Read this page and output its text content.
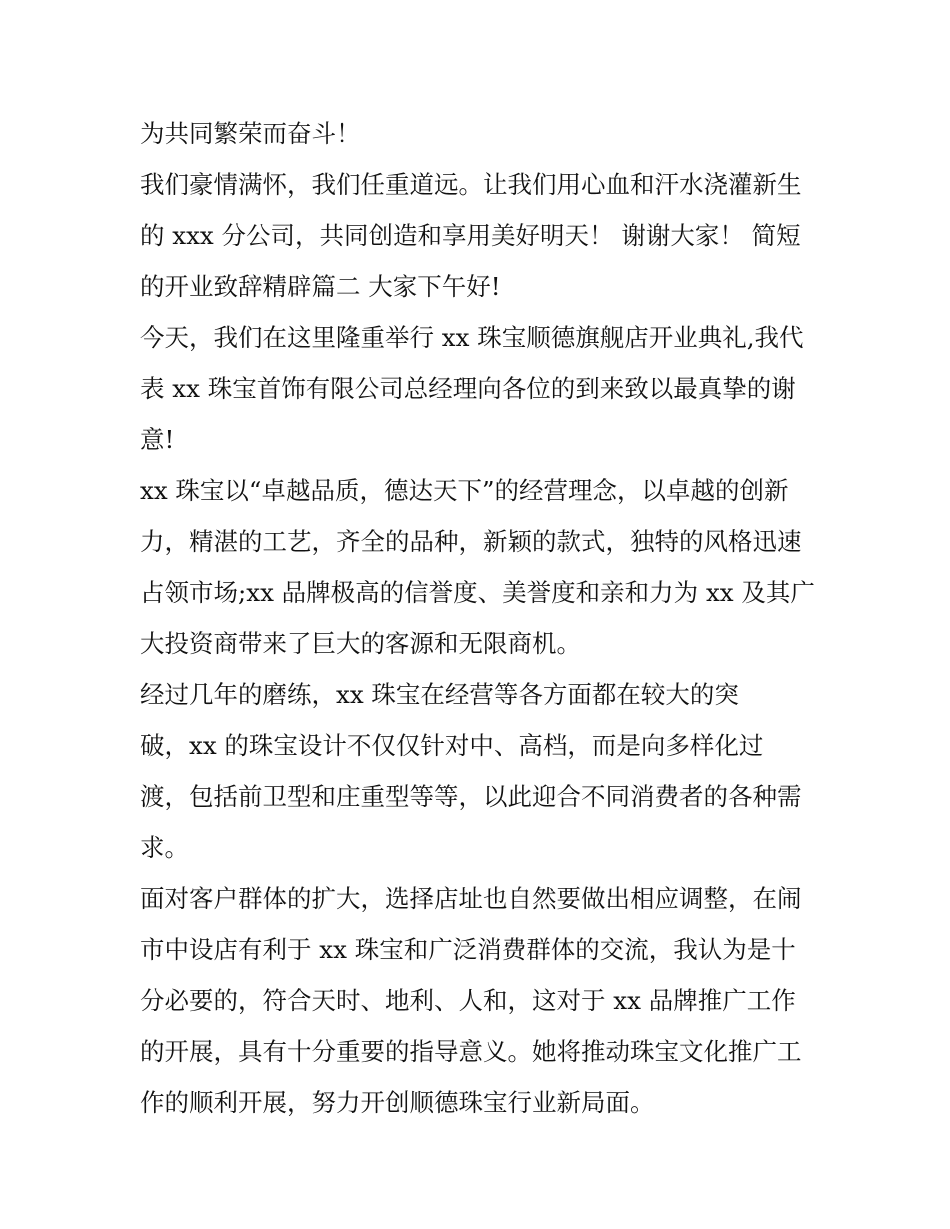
为共同繁荣而奋斗！
我们豪情满怀，我们任重道远。让我们用心血和汗水浇灌新生
的 xxx 分公司，共同创造和享用美好明天！ 谢谢大家！ 简短
的开业致辞精辟篇二 大家下午好!
今天，我们在这里隆重举行 xx 珠宝顺德旗舰店开业典礼,我代
表 xx 珠宝首饰有限公司总经理向各位的到来致以最真挚的谢
意!
xx 珠宝以“卓越品质，德达天下”的经营理念，以卓越的创新
力，精湛的工艺，齐全的品种，新颖的款式，独特的风格迅速
占领市场;xx 品牌极高的信誉度、美誉度和亲和力为 xx 及其广
大投资商带来了巨大的客源和无限商机。
经过几年的磨练，xx 珠宝在经营等各方面都在较大的突
破，xx 的珠宝设计不仅仅针对中、高档，而是向多样化过
渡，包括前卫型和庄重型等等，以此迎合不同消费者的各种需
求。
面对客户群体的扩大，选择店址也自然要做出相应调整，在闹
市中设店有利于 xx 珠宝和广泛消费群体的交流，我认为是十
分必要的，符合天时、地利、人和，这对于 xx 品牌推广工作
的开展，具有十分重要的指导意义。她将推动珠宝文化推广工
作的顺利开展，努力开创顺德珠宝行业新局面。
